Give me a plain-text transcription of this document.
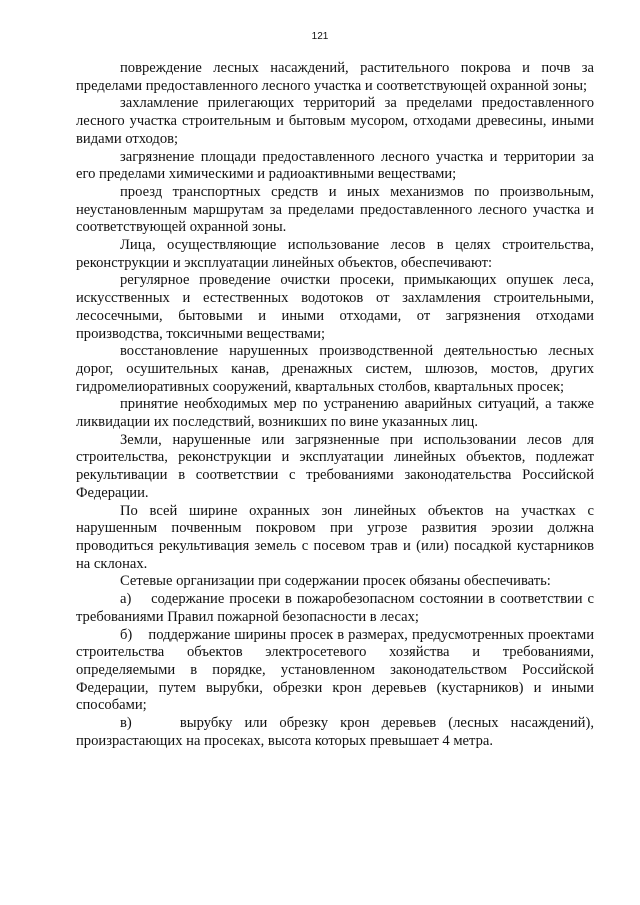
121

повреждение лесных насаждений, растительного покрова и почв за пределами предоставленного лесного участка и соответствующей охранной зоны;

захламление прилегающих территорий за пределами предоставленного лесного участка строительным и бытовым мусором, отходами древесины, иными видами отходов;

загрязнение площади предоставленного лесного участка и территории за его пределами химическими и радиоактивными веществами;

проезд транспортных средств и иных механизмов по произвольным, неустановленным маршрутам за пределами предоставленного лесного участка и соответствующей охранной зоны.

Лица, осуществляющие использование лесов в целях строительства, реконструкции и эксплуатации линейных объектов, обеспечивают:

регулярное проведение очистки просеки, примыкающих опушек леса, искусственных и естественных водотоков от захламления строительными, лесосечными, бытовыми и иными отходами, от загрязнения отходами производства, токсичными веществами;

восстановление нарушенных производственной деятельностью лесных дорог, осушительных канав, дренажных систем, шлюзов, мостов, других гидромелиоративных сооружений, квартальных столбов, квартальных просек;

принятие необходимых мер по устранению аварийных ситуаций, а также ликвидации их последствий, возникших по вине указанных лиц.

Земли, нарушенные или загрязненные при использовании лесов для строительства, реконструкции и эксплуатации линейных объектов, подлежат рекультивации в соответствии с требованиями законодательства Российской Федерации.

По всей ширине охранных зон линейных объектов на участках с нарушенным почвенным покровом при угрозе развития эрозии должна проводиться рекультивация земель с посевом трав и (или) посадкой кустарников на склонах.

Сетевые организации при содержании просек обязаны обеспечивать:

а)    содержание просеки в пожаробезопасном состоянии в соответствии с требованиями Правил пожарной безопасности в лесах;

б)    поддержание ширины просек в размерах, предусмотренных проектами строительства объектов электросетевого хозяйства и требованиями, определяемыми в порядке, установленном законодательством Российской Федерации, путем вырубки, обрезки крон деревьев (кустарников) и иными способами;

в)    вырубку или обрезку крон деревьев (лесных насаждений), произрастающих на просеках, высота которых превышает 4 метра.
